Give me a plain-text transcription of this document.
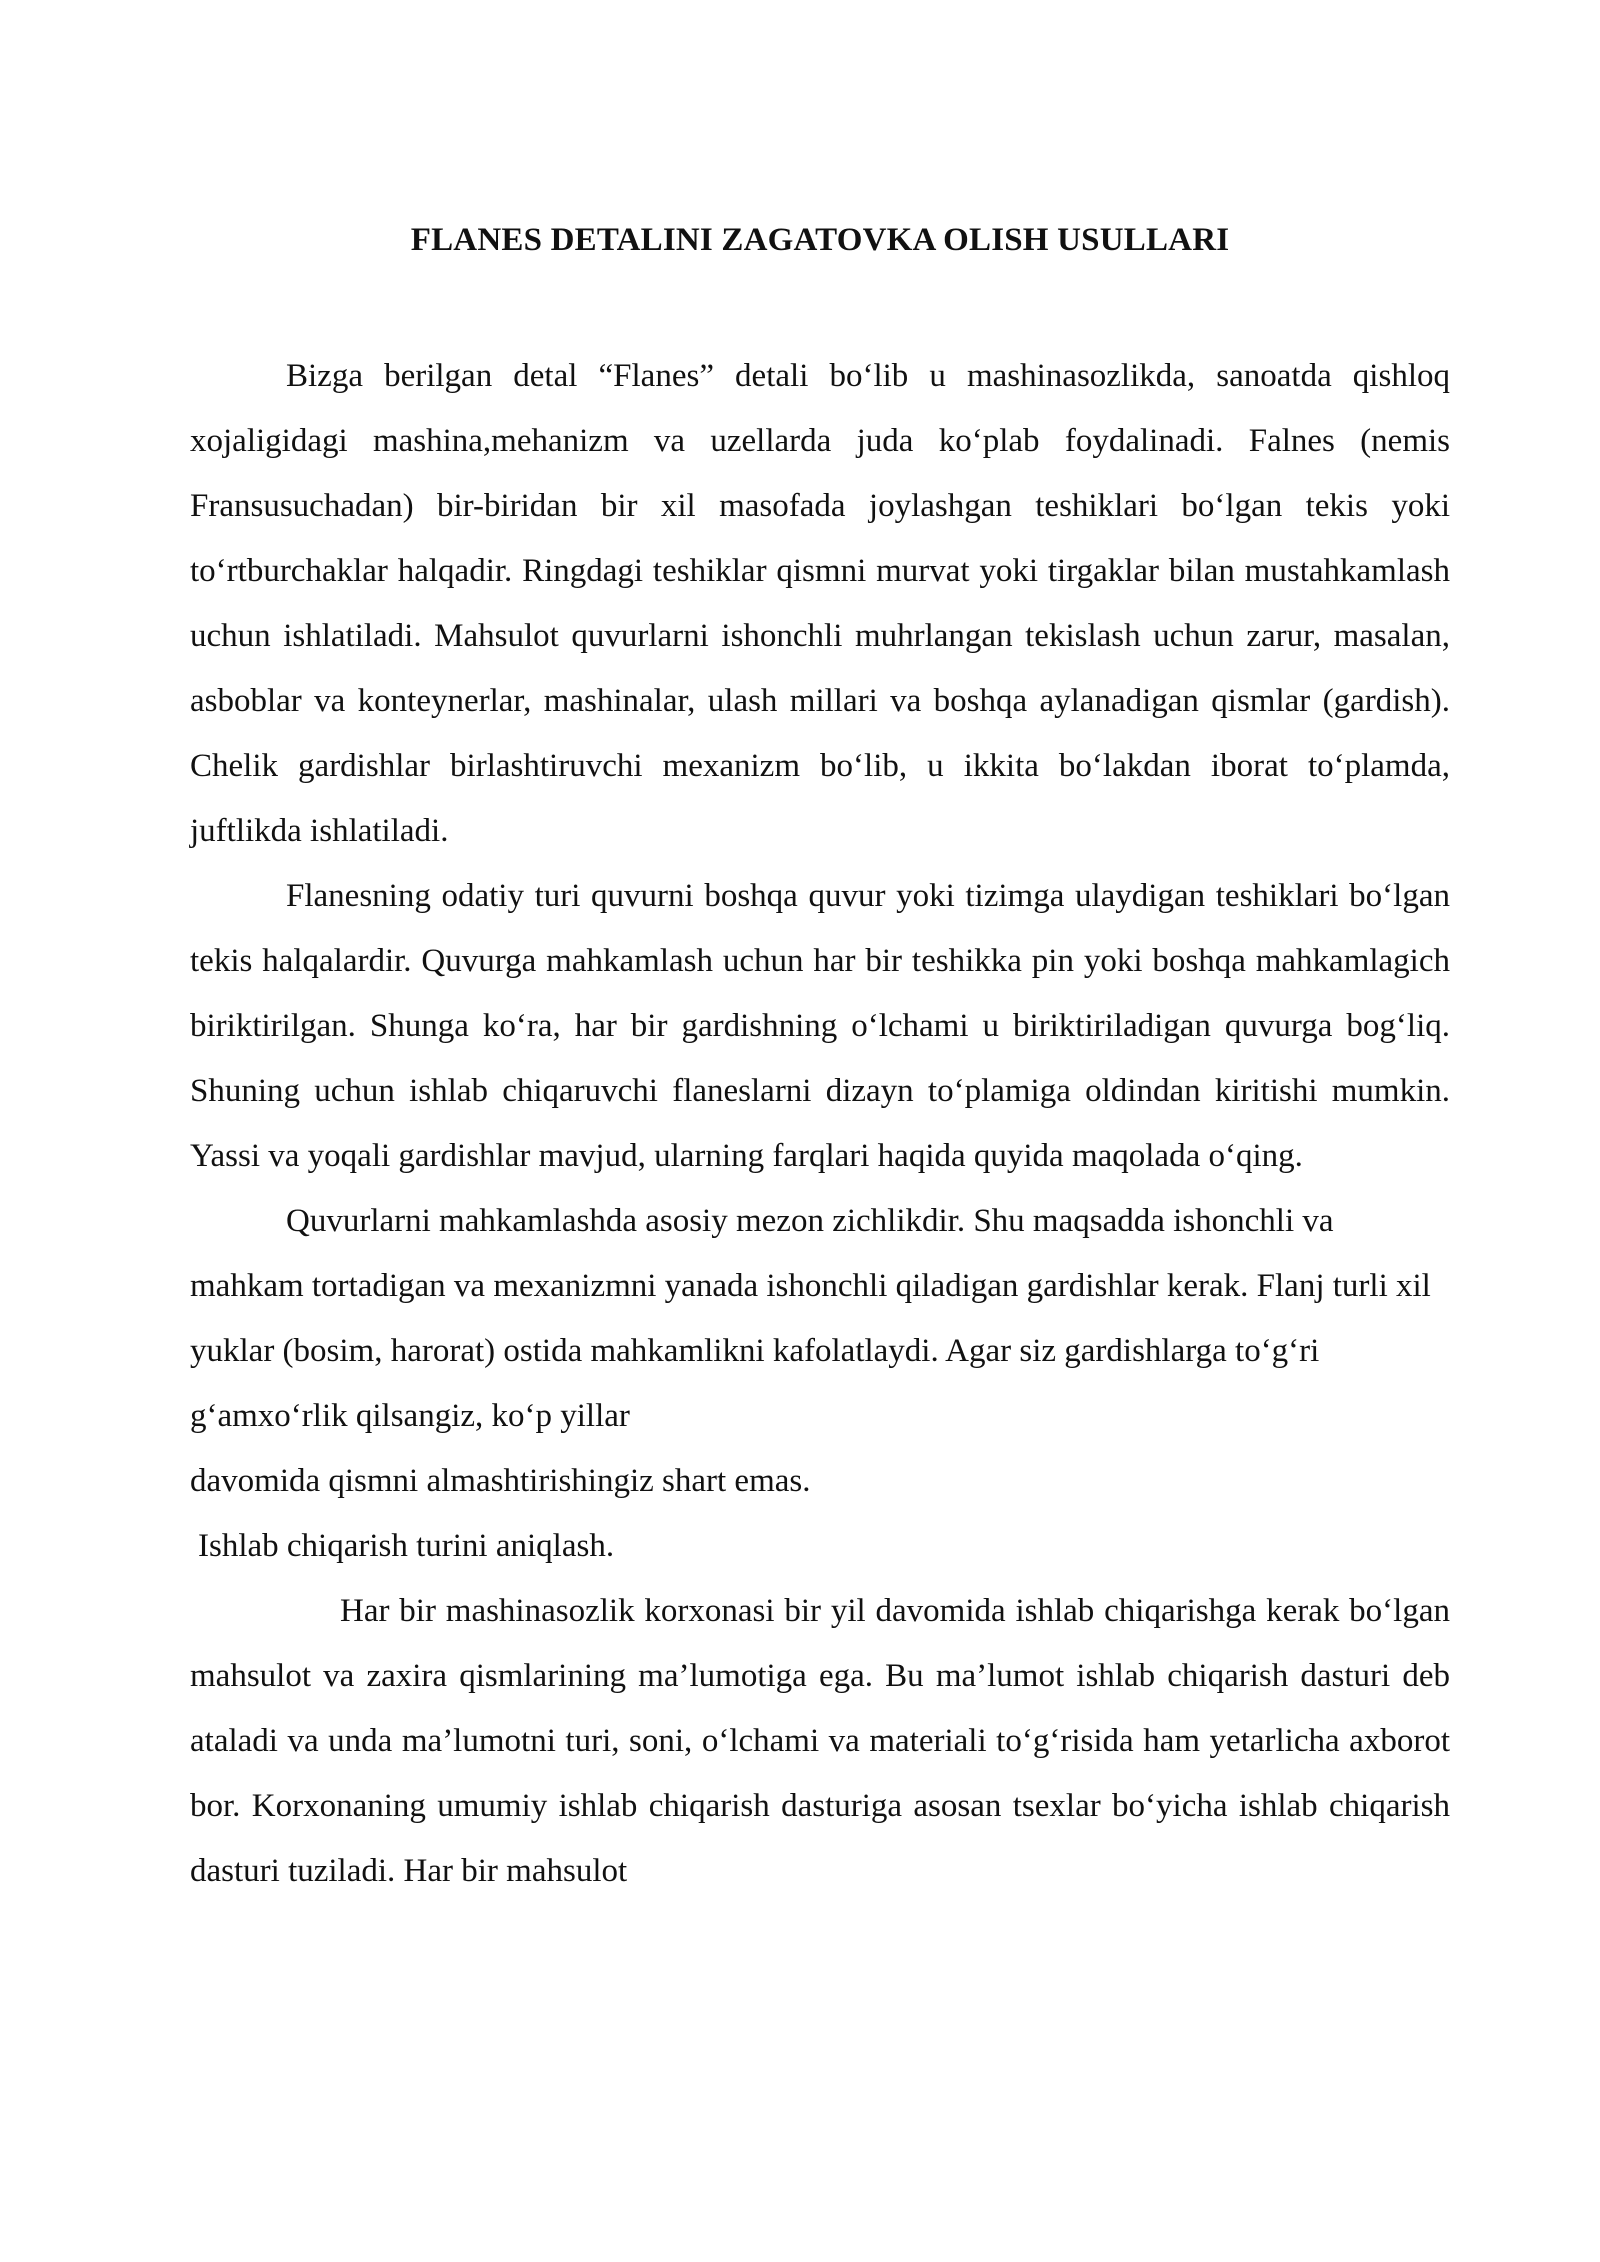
FLANES DETALINI ZAGATOVKA OLISH USULLARI

Bizga berilgan detal “Flanes” detali bo‘lib u mashinasozlikda, sanoatda qishloq xojaligidagi mashina,mehanizm va uzellarda juda ko‘plab foydalinadi. Falnes (nemis Fransusuchadan) bir-biridan bir xil masofada joylashgan teshiklari bo‘lgan tekis yoki to‘rtburchaklar halqadir. Ringdagi teshiklar qismni murvat yoki tirgaklar bilan mustahkamlash uchun ishlatiladi. Mahsulot quvurlarni ishonchli muhrlangan tekislash uchun zarur, masalan, asboblar va konteynerlar, mashinalar, ulash millari va boshqa aylanadigan qismlar (gardish). Chelik gardishlar birlashtiruvchi mexanizm bo‘lib, u ikkita bo‘lakdan iborat to‘plamda, juftlikda ishlatiladi.

Flanesning odatiy turi quvurni boshqa quvur yoki tizimga ulaydigan teshiklari bo‘lgan tekis halqalardir. Quvurga mahkamlash uchun har bir teshikka pin yoki boshqa mahkamlagich biriktirilgan. Shunga ko‘ra, har bir gardishning o‘lchami u biriktiriladigan quvurga bog‘liq. Shuning uchun ishlab chiqaruvchi flaneslarni dizayn to‘plamiga oldindan kiritishi mumkin. Yassi va yoqali gardishlar mavjud, ularning farqlari haqida quyida maqolada o‘qing.

Quvurlarni mahkamlashda asosiy mezon zichlikdir. Shu maqsadda ishonchli va mahkam tortadigan va mexanizmni yanada ishonchli qiladigan gardishlar kerak. Flanj turli xil yuklar (bosim, harorat) ostida mahkamlikni kafolatlaydi. Agar siz gardishlarga to‘g‘ri g‘amxo‘rlik qilsangiz, ko‘p yillar

davomida qismni almashtirishingiz shart emas.

Ishlab chiqarish turini aniqlash.

Har bir mashinasozlik korxonasi bir yil davomida ishlab chiqarishga kerak bo‘lgan mahsulot va zaxira qismlarining ma’lumotiga ega. Bu ma’lumot ishlab chiqarish dasturi deb ataladi va unda ma’lumotni turi, soni, o‘lchami va materiali to‘g‘risida ham yetarlicha axborot bor. Korxonaning umumiy ishlab chiqarish dasturiga asosan tsexlar bo‘yicha ishlab chiqarish dasturi tuziladi. Har bir mahsulot
